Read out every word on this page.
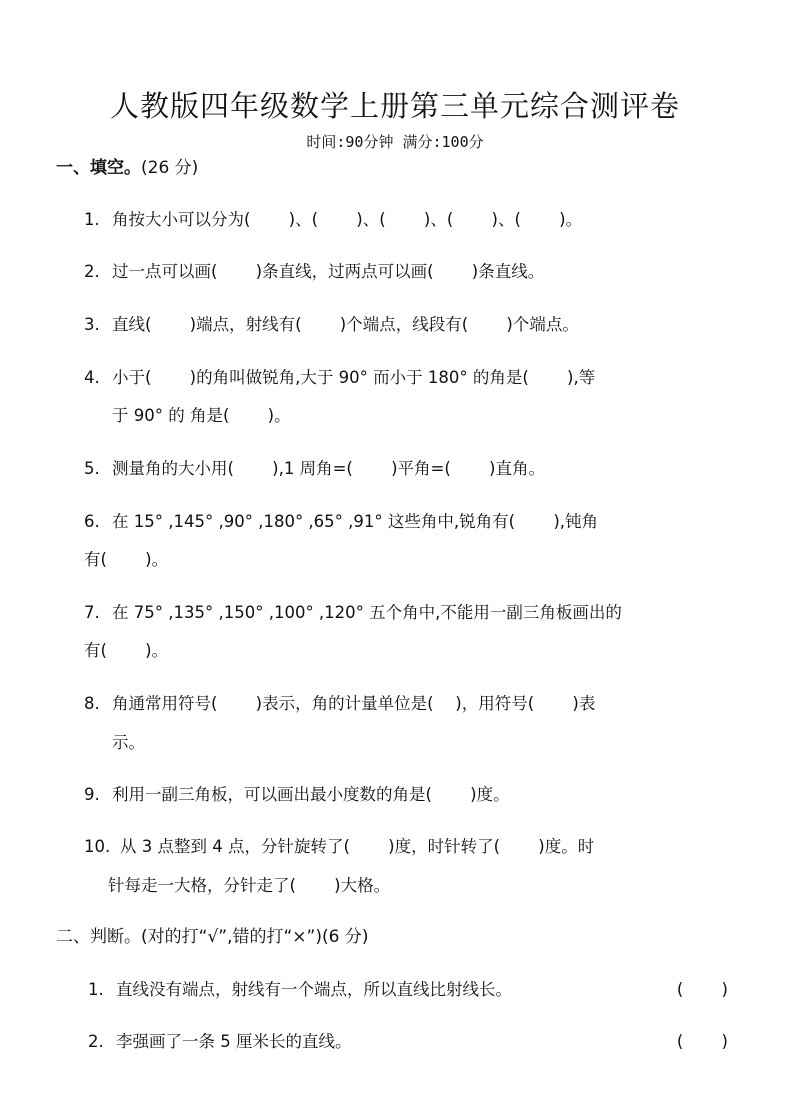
人教版四年级数学上册第三单元综合测评卷
时间:90分钟 满分:100分
一、填空。(26 分)
1. 角按大小可以分为(　　 )、(　　 )、(　　 )、(　　 )、(　　 )。
2. 过一点可以画(　　 )条直线，过两点可以画(　　 )条直线。
3. 直线(　　 )端点，射线有(　　 )个端点，线段有(　　 )个端点。
4. 小于(　　 )的角叫做锐角,大于 90° 而小于 180° 的角是(　　 ),等
于 90° 的 角是(　　 )。
5. 测量角的大小用(　　 ),1 周角=(　　 )平角=(　　 )直角。
6. 在 15° ,145° ,90° ,180° ,65° ,91° 这些角中,锐角有(　　 ),钝角
有(　　 )。
7. 在 75° ,135° ,150° ,100° ,120° 五个角中,不能用一副三角板画出的
有(　　 )。
8. 角通常用符号(　　 )表示，角的计量单位是(　 )，用符号(　　 )表
示。
9. 利用一副三角板，可以画出最小度数的角是(　　 )度。
10. 从 3 点整到 4 点，分针旋转了(　　 )度，时针转了(　　 )度。时
针每走一大格，分针走了(　　 )大格。
二、判断。(对的打“√”,错的打“×”)(6 分)
1. 直线没有端点，射线有一个端点，所以直线比射线长。	(　　 )
2. 李强画了一条 5 厘米长的直线。	(　　 )
